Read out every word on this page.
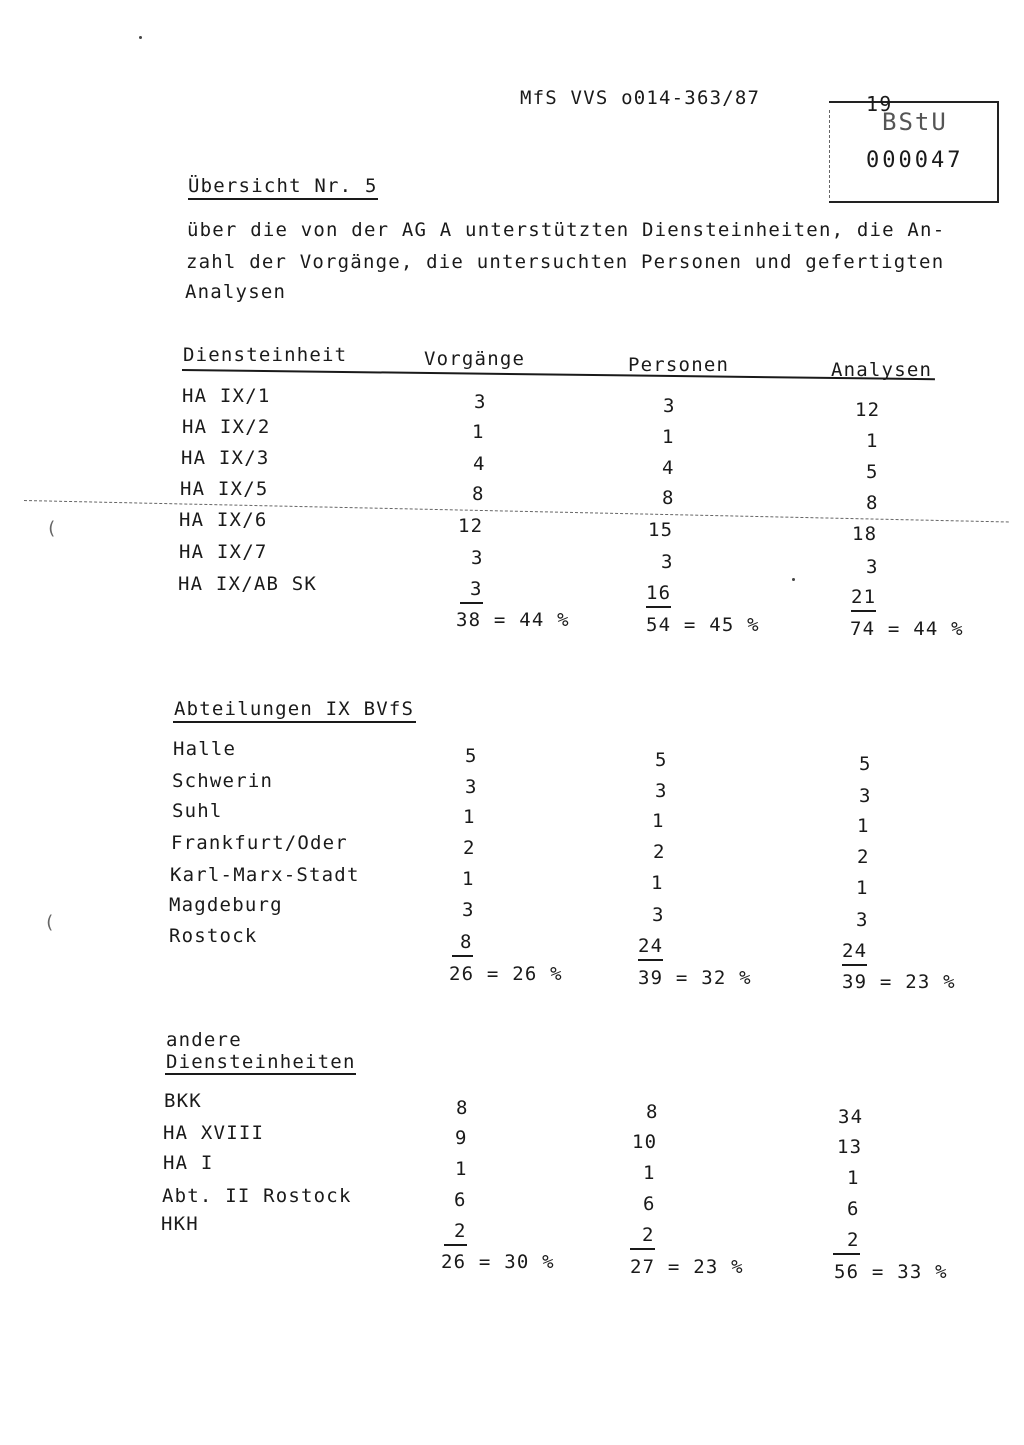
MfS VVS o014-363/87	19
BStU
000047
Übersicht Nr. 5
über die von der AG A unterstützten Diensteinheiten, die An-
zahl der Vorgänge, die untersuchten Personen und gefertigten
Analysen
Diensteinheit	Vorgänge	Personen	Analysen
(
(
HA IX/1	3	3	12
HA IX/2	1	1	1
HA IX/3	4	4	5
HA IX/5	8	8	8
HA IX/6	12	15	18
HA IX/7	3	3	3
HA IX/AB SK	3	16	21
38 = 44 %	54 = 45 %	74 = 44 %
Abteilungen IX BVfS
Halle	5	5	5
Schwerin	3	3	3
Suhl	1	1	1
Frankfurt/Oder	2	2	2
Karl-Marx-Stadt	1	1	1
Magdeburg	3	3	3
Rostock	8	24	24
26 = 26 %	39 = 32 %	39 = 23 %
andere
Diensteinheiten
BKK	8	8	34
HA XVIII	9	10	13
HA I	1	1	1
Abt. II Rostock	6	6	6
HKH	2	2	2
26 = 30 %	27 = 23 %	56 = 33 %
